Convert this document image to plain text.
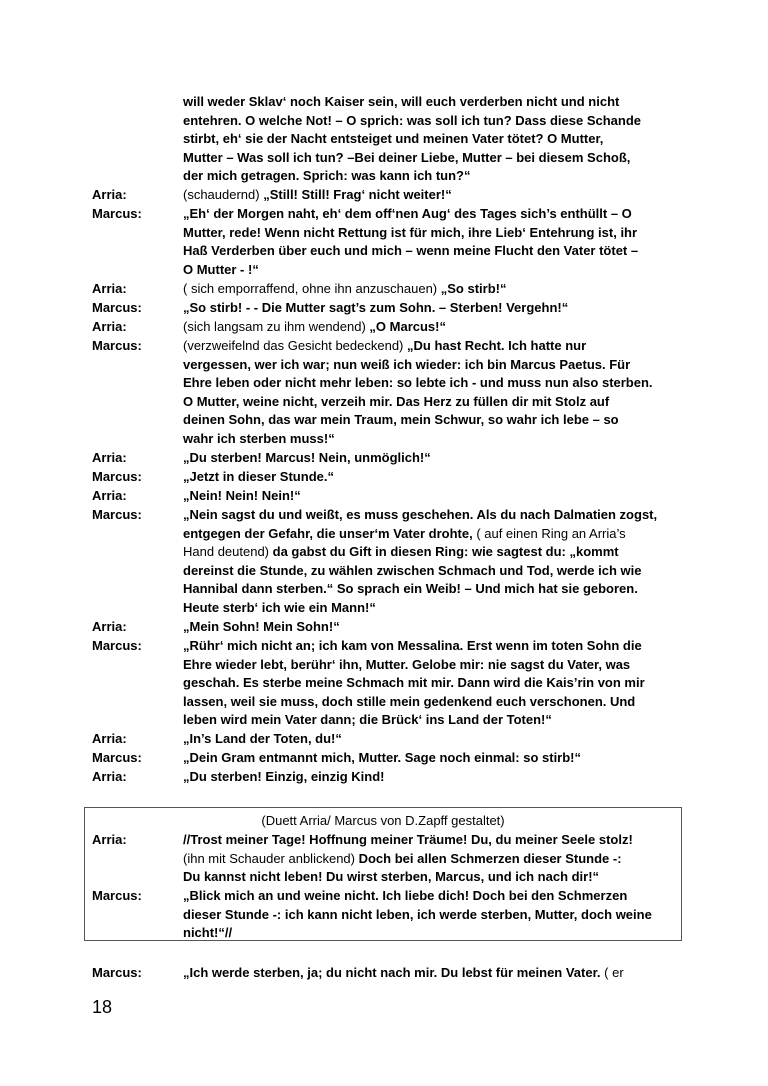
will weder Sklav‘ noch Kaiser sein, will euch verderben nicht und nicht
entehren. O welche Not! – O sprich: was soll ich tun? Dass diese Schande
stirbt, eh‘ sie der Nacht entsteiget und meinen Vater tötet? O Mutter,
Mutter – Was soll ich tun? –Bei deiner Liebe, Mutter – bei diesem Schoß,
der mich getragen. Sprich: was kann ich tun?“
Arria:	(schaudernd) „Still! Still! Frag‘ nicht weiter!“
Marcus:	„Eh‘ der Morgen naht, eh‘ dem off‘nen Aug‘ des Tages sich’s enthüllt – O
Mutter, rede! Wenn nicht Rettung ist für mich, ihre Lieb‘ Entehrung ist, ihr
Haß Verderben über euch und mich – wenn meine Flucht den Vater tötet –
O Mutter - !“
Arria:	( sich emporraffend, ohne ihn anzuschauen) „So stirb!“
Marcus:	„So stirb! - - Die Mutter sagt’s zum Sohn. – Sterben! Vergehn!“
Arria:	(sich langsam zu ihm wendend) „O Marcus!“
Marcus:	(verzweifelnd das Gesicht bedeckend) „Du hast Recht. Ich hatte nur
vergessen, wer ich war; nun weiß ich wieder: ich bin Marcus Paetus. Für
Ehre leben oder nicht mehr leben: so lebte ich - und muss nun also sterben.
O Mutter, weine nicht, verzeih mir. Das Herz zu füllen dir mit Stolz auf
deinen Sohn, das war mein Traum, mein Schwur, so wahr ich lebe – so
wahr ich sterben muss!“
Arria:	„Du sterben! Marcus! Nein, unmöglich!“
Marcus:	„Jetzt in dieser Stunde.“
Arria:	„Nein! Nein! Nein!“
Marcus:	„Nein sagst du und weißt, es muss geschehen. Als du nach Dalmatien zogst,
entgegen der Gefahr, die unser‘m Vater drohte, ( auf einen Ring an Arria’s
Hand deutend) da gabst du Gift in diesen Ring: wie sagtest du: „kommt
dereinst die Stunde, zu wählen zwischen Schmach und Tod, werde ich wie
Hannibal dann sterben.“ So sprach ein Weib! – Und mich hat sie geboren.
Heute sterb‘ ich wie ein Mann!“
Arria:	„Mein Sohn! Mein Sohn!“
Marcus:	„Rühr‘ mich nicht an; ich kam von Messalina. Erst wenn im toten Sohn die
Ehre wieder lebt, berühr‘ ihn, Mutter. Gelobe mir: nie sagst du Vater, was
geschah. Es sterbe meine Schmach mit mir. Dann wird die Kais’rin von mir
lassen, weil sie muss, doch stille mein gedenkend euch verschonen. Und
leben wird mein Vater dann; die Brück‘ ins Land der Toten!“
Arria:	„In’s Land der Toten, du!“
Marcus:	„Dein Gram entmannt mich, Mutter. Sage noch einmal: so stirb!“
Arria:	„Du sterben! Einzig, einzig Kind!
(Duett Arria/ Marcus von D.Zapff gestaltet)
Arria:	//Trost meiner Tage! Hoffnung meiner Träume! Du, du meiner Seele stolz!
(ihn mit Schauder anblickend) Doch bei allen Schmerzen dieser Stunde -:
Du kannst nicht leben! Du wirst sterben, Marcus, und ich nach dir!“
Marcus:	„Blick mich an und weine nicht. Ich liebe dich! Doch bei den Schmerzen
dieser Stunde -: ich kann nicht leben, ich werde sterben, Mutter, doch weine
nicht!“//
Marcus:	„Ich werde sterben, ja; du nicht nach mir. Du lebst für meinen Vater. ( er
18
